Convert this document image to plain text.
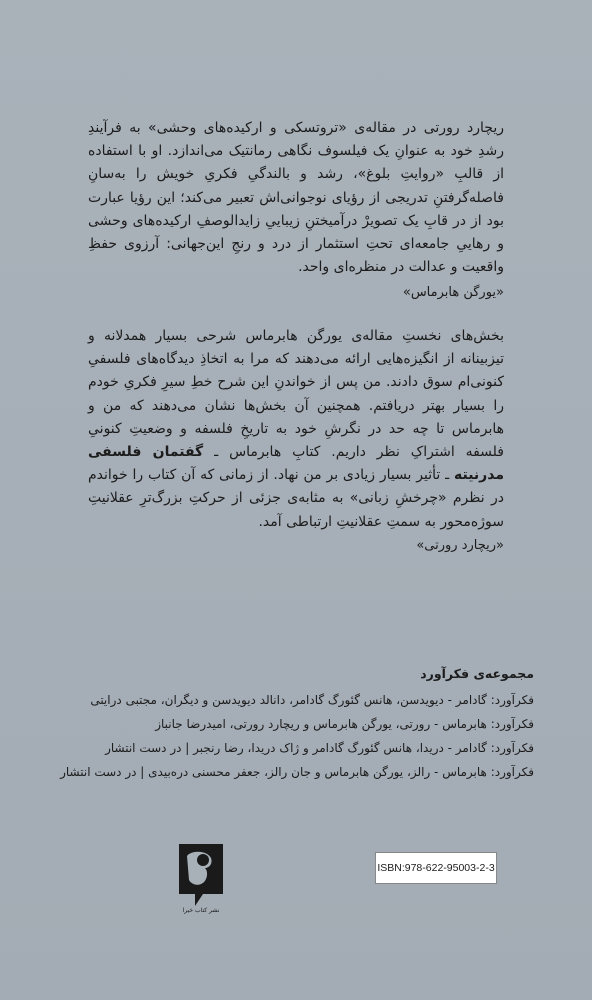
ریچارد رورتی در مقاله‌ی «تروتسکی و ارکیده‌های وحشی» به فرآیندِ رشدِ خود به عنوانِ یک فیلسوف نگاهی رمانتیک می‌اندازد. او با استفاده از قالبِ «روایتِ بلوغ»، رشد و بالندگیِ فکریِ خویش را به‌سانِ فاصله‌گرفتنِ تدریجی از رؤیای نوجوانی‌اش تعبیر می‌کند؛ این رؤیا عبارت بود از در قابِ یک تصویرْ درآمیختنِ زیباییِ زایدالوصفِ ارکیده‌های وحشی و رهاییِ جامعه‌ای تحتِ استثمار از درد و رنجِ این‌جهانی: آرزوی حفظِ واقعیت و عدالت در منظره‌ای واحد.

«یورگن هابرماس»

بخش‌های نخستِ مقاله‌ی یورگن هابرماس شرحی بسیار همدلانه و تیزبینانه از انگیزه‌هایی ارائه می‌دهند که مرا به اتخاذِ دیدگاه‌های فلسفیِ کنونی‌ام سوق دادند. من پس از خواندنِ این شرح خطِ سیرِ فکریِ خودم را بسیار بهتر دریافتم. همچنین آن بخش‌ها نشان می‌دهند که من و هابرماس تا چه حد در نگرشِ خود به تاریخِ فلسفه و وضعیتِ کنونیِ فلسفه اشتراکِ نظر داریم. کتابِ هابرماس ـ گفتمان فلسفی مدرنیته ـ تأثیر بسیار زیادی بر من نهاد. از زمانی که آن کتاب را خواندم در نظرم «چرخشِ زبانی» به مثابه‌ی جزئی از حرکتِ بزرگ‌ترِ عقلانیتِ سوژه‌محور به سمتِ عقلانیتِ ارتباطی آمد.

«ریچارد رورتی»
مجموعه‌ی فکرآورد
فکرآورد: گادامر - دیویدسن، هانس گئورگ گادامر، دانالد دیویدسن و دیگران، مجتبی درایتی
فکرآورد: هابرماس - رورتی، یورگن هابرماس و ریچارد رورتی، امیدرضا جانباز
فکرآورد: گادامر - دریدا، هانس گئورگ گادامر و ژاک دریدا، رضا رنجبر | در دست انتشار
فکرآورد: هابرماس - رالز، یورگن هابرماس و جان رالز، جعفر محسنی دره‌بیدی | در دست انتشار
نشر کتاب‌ خیرا
ISBN:978-622-95003-2-3
